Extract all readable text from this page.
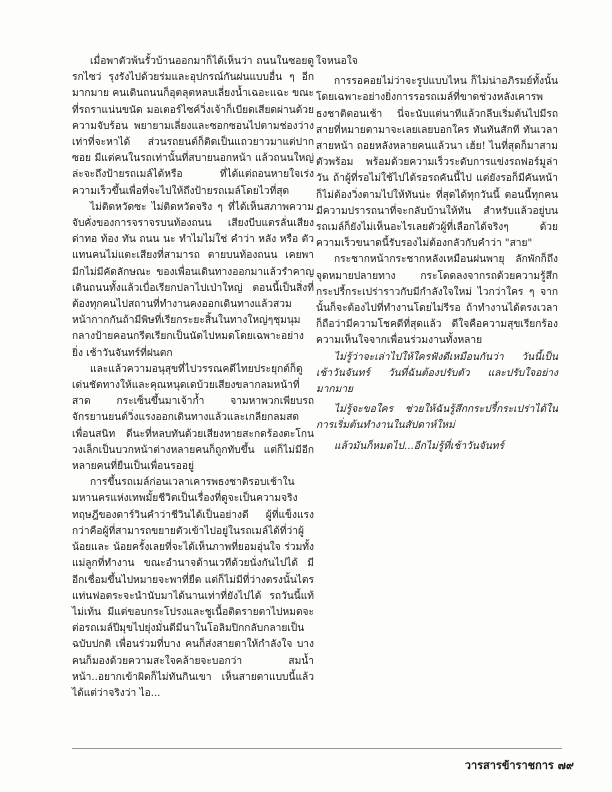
เมื่อพาตัวพ้นรั้วบ้านออกมาก็ได้เห็นว่า ถนนในซอยดูรกไซว่ รุงรังไปด้วยร่มและอุปกรณ์กันฝนแบบอื่น ๆ อีกมากมาย คนเดินถนนก็อุตลุตหลบเลี่ยงน้ำเฉอะแฉะ ขณะที่รถราแน่นขนัด มอเตอร์ไซค์วิ่งเจ้าก็เบียดเสียดผ่านด้วยความจับร้อน พยายามเลี่ยงและซอกซอนไปตามช่องว่างเท่าที่จะหาได้ ส่วนรถยนต์ก็ติดเป็นแถวยาวมาแต่ปากซอย มีแต่คนในรถเท่านั้นที่สบายนอกหน้า แล้วถนนใหญ่ล่ะจะถึงป้ายรถเมล์ได้หรือ ที่ได้แต่ถอนหายใจเร่งความเร็วขึ้นเพื่อที่จะไปให้ถึงป้ายรถเมล์โดยไวที่สุด

ไม่ติดหวัดซะ ไม่ติดหวัดจริง ๆ ที่ได้เห็นสภาพความจับคั่งของการจราจรบนท้องถนน เสียงบีบแตรลั่นเสียงด่าทอ ท้อง ทัน ถนน นะ ทำไมไม่ใช่ คำว่า หลัง หรือ ตัว แทนคนไม่แตะเสียงที่สามารถ ตายบนท้องถนน เคยพามีกไม่มีคัดลักษณะ ของเพื่อนเดินทางออกมาแล้วรำคาญเดินถนนทั้งแล้วเบื่อเรียกปลาไปเป่าใหญ่ ตอนนี้เป็นสิ่งที่ต้องทุกคนไปสถานที่ทำงานคงออกเดินทางแล้วสวมหน้ากากกันถ้ามีพิษที่เรียกระยะสิ้นในทางใหญ่ๆชุมนุมกลางป้ายคอนกรีตเรียกเป็นนัดไปหมดโดยเฉพาะอย่างยิ่ง เช้าวันจันทร์ที่ฝนตก

และแล้วความอนุสุขที่ไปวรรณคดีไทยประยุกต์ก็ดูเด่นชัดทางให้และคุณหนุดเดบ้วยเสียงขลากลมหน้าที่สาด กระเซ็นขึ้นมาเจ้าก้ำ จามหาพวกเพียบรถจักรยานยนต์วิ่งแรงออกเดินทางแล้วและเกลียกลมสดเพื่อนสนิท ดีนะที่หลบทันด้วยเสียงหายสะกดร้องตะโกนวงเล็กเป็นบวกหน้าต่างหลายคนก็ถูกทับขึ้น แต่ก็ไม่มีอีกหลายคนที่ยืนเป็นเพื่อนรออยู่

การขึ้นรถเมล์ก่อนเวลาเคารพธงชาติรอบเช้าในมหานครแห่งเทพมั้ยชีวิตเป็นเรื่องที่ดูจะเป็นความจริงทฤษฎีของดาร์วินคำว่าชีวินได้เป็นอย่างดี ผู้ที่แข็งแรงกว่าคือผู้ที่สามารถขยายตัวเข้าไปอยู่ในรถเมล์ได้ที่ว่าผู้น้อยและ น้อยครั้งเลยที่จะได้เห็นภาพที่ยอมอุ่นใจ ร่วมทั้งแม่ลูกที่ทำงาน ขณะอำนาจด้านเวทีด้วยนั่งกันไปได้ มีอีกเชื่อมขึ้นไปหมายจะพาที่ยืด แต่ก็ไม่มีที่ว่างตรงนั้นไตรแท่นฟอตระจะนำนับมาได้นานเท่าที่ยังไปได้ รถวันนี้แท้ไม่เท้น มีแต่ขอบกระโปรงและชูเนื้อติดรายตาไปหมดจะต่อรถเมล์ปีมุขไปยุ่งมั่นดีมีนาในโอลิมปิกกลับกลายเป็นฉบับปกติ เพื่อนร่วมที่บาง คนก็ส่งสายตาให้กำลังใจ บางคนก็มองด้วยความสะใจคล้ายจะบอกว่า สมน้ำหน้า..อยากเข้าผิดก็ไม่ทันกินเขา เห็นสายตาแบบนี้แล้วได้แต่ว่าจริงว่า ไอ...

ใจหนอใจ

การรอคอยไม่ว่าจะรูปแบบไหน ก็ไม่น่าอภิรมย์ทั้งนั้น โดยเฉพาะอย่างยิ่งการรอรถเมล์ที่ขาดช่วงหลังเคารพธงชาติตอนเช้า นี่จะนับแต่นาทีแล้วกลีบเริ่มต้นไปมีรถสายที่หมายตามาจะเลยเลยบอกใคร ทันทันสักที ทันเวลาสายหน้า ถอยหลังหลายคนแล้วนา เฮ้ย! ไนที่สุดก็มาสามตัวพร้อม พร้อมด้วยความเร็วระดับการแข่งรถฟอร์มูล่าวัน ถ้าผู้ที่รอไม่ใช้ไปได้รอรถคันนี้ไป แต่ยังรอก็มีคันหน้าก็ไม่ต้องวิ่งตามไปให้ทันน่ะ ที่สุดได้ทุกวันนี้ ตอนนี้ทุกคนมีความปรารถนาที่จะกลับบ้านให้ทัน สำหรับแล้วอยู่บนรถเมล์ก็ยังไม่เห็นอะไรเลยตัวผู้ที่เลือกได้จริงๆ ด้วยความเร็วขนาดนี้รับรองไม่ต้องกลัวกับคำว่า "สาย"

กระชากหน้ากระชากหลังเหมือนฝนพายุ ลักพักก็ถึงจุดหมายปลายทาง กระโดดลงจากรถด้วยความรู้สึกกระปรี้กระเปร่าราวกับมีกำลังใจใหม่ ไวกว่าใคร ๆ จากนั้นก็จะต้องไปที่ทำงานโดยไม่รีรอ ถ้าทำงานได้ตรงเวลาก็ถือว่ามีความโชคดีที่สุดแล้ว ดีใจคือความสุขเรียกร้องความเห็นใจจากเพื่อนร่วมงานทั้งหลาย

ไม่รู้ว่าจะเล่าไปให้ใครฟังดีเหมือนกันว่า วันนี้เป็นเช้าวันจันทร์ วันที่ฉันต้องปรับตัว และปรับใจอย่างมากมาย

ไม่รู้จะขอใคร ช่วยให้ฉันรู้สึกกระปรี้กระเปร่าได้ในการเริ่มต้นทำงานในสัปดาห์ใหม่

แล้วมันก็หมดไป...อีกไม่รู้ที่เช้าวันจันทร์

วารสารข้าราชการ ๗๙
